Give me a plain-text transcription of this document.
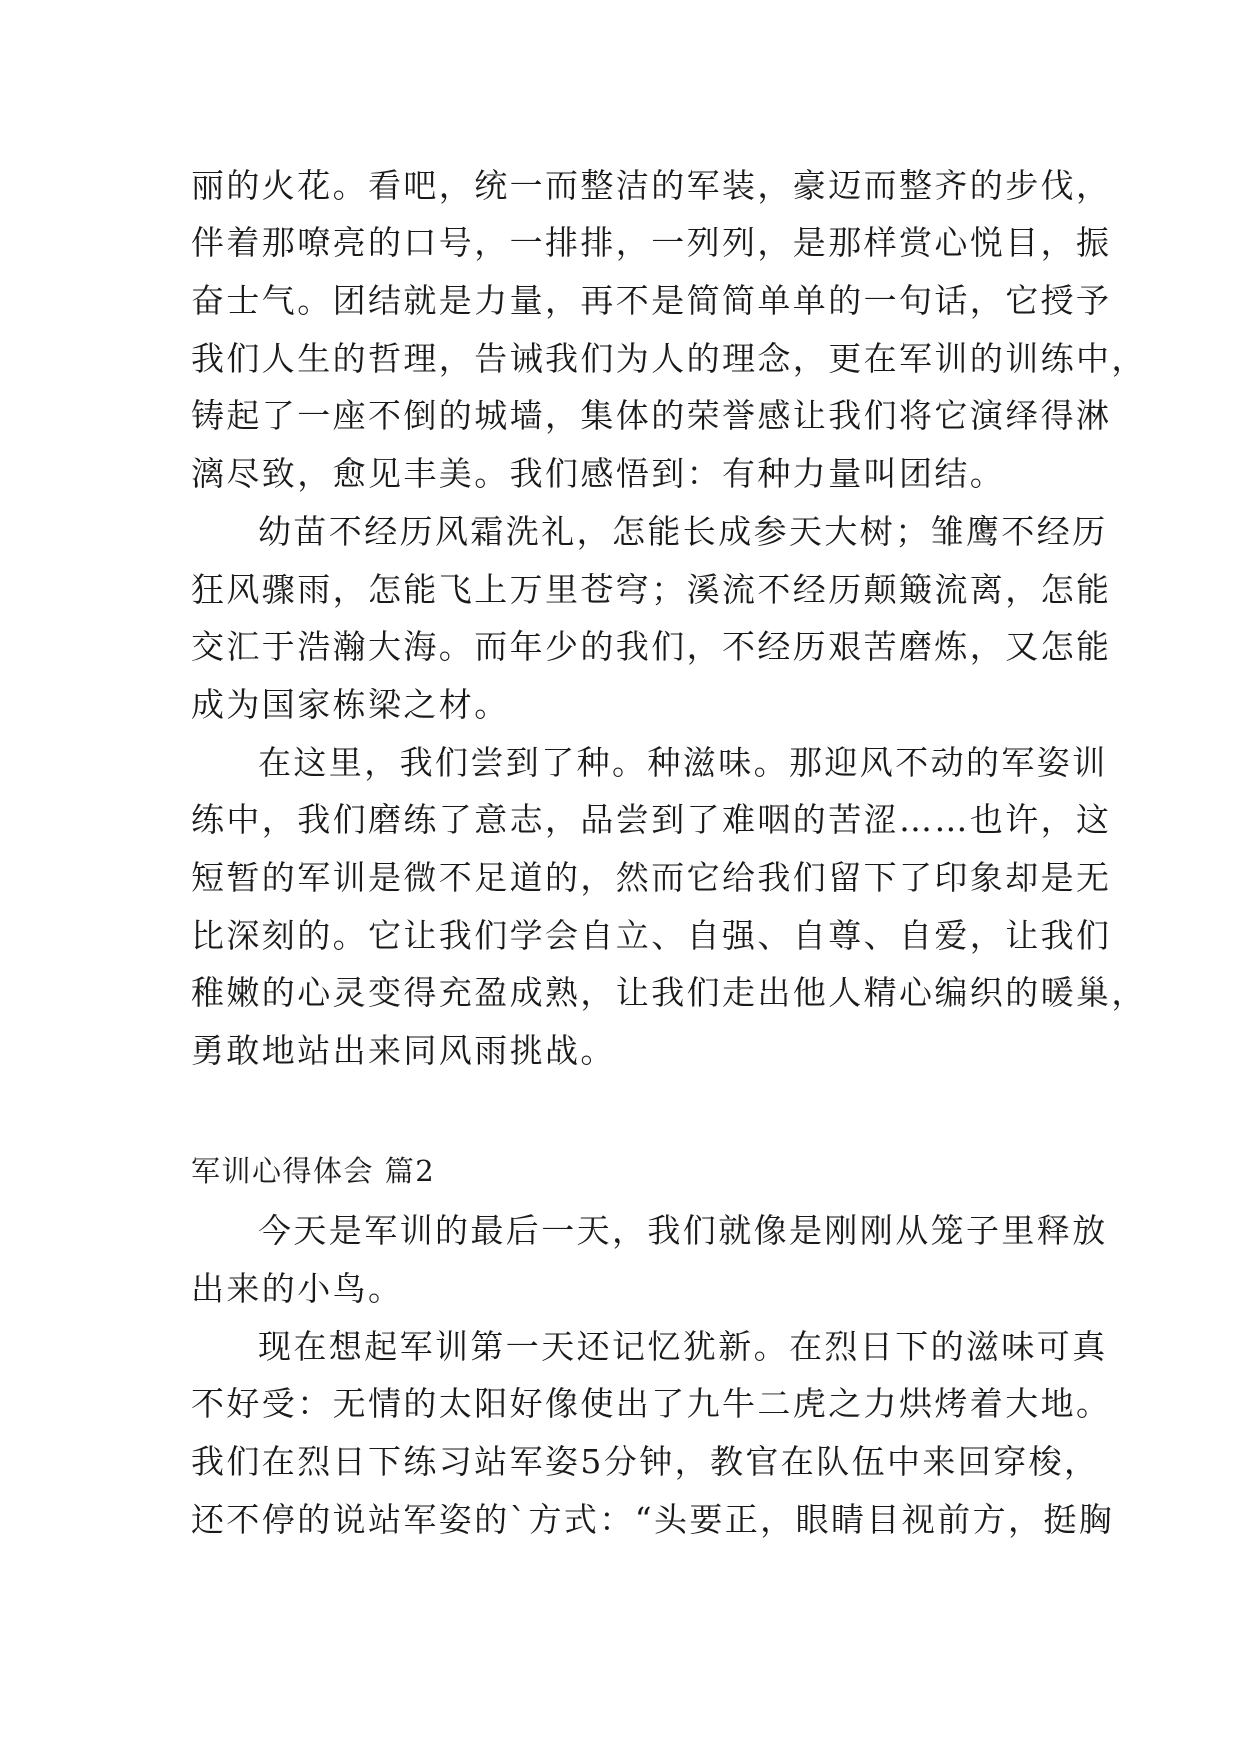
丽的火花。看吧，统一而整洁的军装，豪迈而整齐的步伐，
伴着那嘹亮的口号，一排排，一列列，是那样赏心悦目，振
奋士气。团结就是力量，再不是简简单单的一句话，它授予
我们人生的哲理，告诫我们为人的理念，更在军训的训练中，
铸起了一座不倒的城墙，集体的荣誉感让我们将它演绎得淋
漓尽致，愈见丰美。我们感悟到：有种力量叫团结。
幼苗不经历风霜洗礼，怎能长成参天大树；雏鹰不经历
狂风骤雨，怎能飞上万里苍穹；溪流不经历颠簸流离，怎能
交汇于浩瀚大海。而年少的我们，不经历艰苦磨炼，又怎能
成为国家栋梁之材。
在这里，我们尝到了种。种滋味。那迎风不动的军姿训
练中，我们磨练了意志，品尝到了难咽的苦涩……也许，这
短暂的军训是微不足道的，然而它给我们留下了印象却是无
比深刻的。它让我们学会自立、自强、自尊、自爱，让我们
稚嫩的心灵变得充盈成熟，让我们走出他人精心编织的暖巢，
勇敢地站出来同风雨挑战。
军训心得体会 篇2
今天是军训的最后一天，我们就像是刚刚从笼子里释放
出来的小鸟。
现在想起军训第一天还记忆犹新。在烈日下的滋味可真
不好受：无情的太阳好像使出了九牛二虎之力烘烤着大地。
我们在烈日下练习站军姿5分钟，教官在队伍中来回穿梭，
还不停的说站军姿的`方式：“头要正，眼睛目视前方，挺胸
